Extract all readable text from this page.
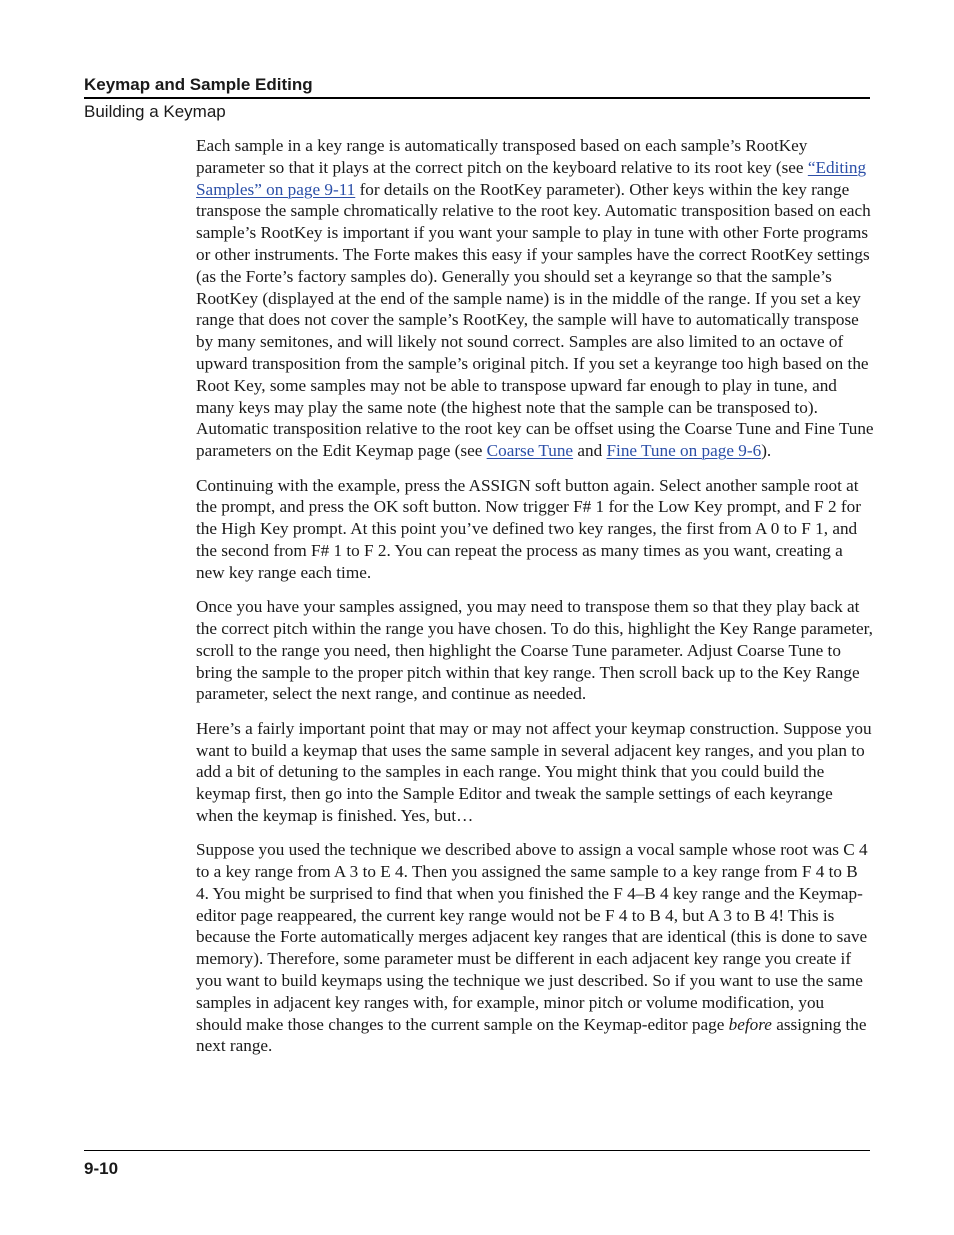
Keymap and Sample Editing
Building a Keymap

Each sample in a key range is automatically transposed based on each sample’s RootKey parameter so that it plays at the correct pitch on the keyboard relative to its root key (see “Editing Samples” on page 9-11 for details on the RootKey parameter). Other keys within the key range transpose the sample chromatically relative to the root key. Automatic transposition based on each sample’s RootKey is important if you want your sample to play in tune with other Forte programs or other instruments. The Forte makes this easy if your samples have the correct RootKey settings (as the Forte’s factory samples do). Generally you should set a keyrange so that the sample’s RootKey (displayed at the end of the sample name) is in the middle of the range. If you set a key range that does not cover the sample’s RootKey, the sample will have to automatically transpose by many semitones, and will likely not sound correct. Samples are also limited to an octave of upward transposition from the sample’s original pitch. If you set a keyrange too high based on the Root Key, some samples may not be able to transpose upward far enough to play in tune, and many keys may play the same note (the highest note that the sample can be transposed to). Automatic transposition relative to the root key can be offset using the Coarse Tune and Fine Tune parameters on the Edit Keymap page (see Coarse Tune and Fine Tune on page 9-6).

Continuing with the example, press the ASSIGN soft button again. Select another sample root at the prompt, and press the OK soft button. Now trigger F# 1 for the Low Key prompt, and F 2 for the High Key prompt. At this point you’ve defined two key ranges, the first from A 0 to F 1, and the second from F# 1 to F 2. You can repeat the process as many times as you want, creating a new key range each time.

Once you have your samples assigned, you may need to transpose them so that they play back at the correct pitch within the range you have chosen. To do this, highlight the Key Range parameter, scroll to the range you need, then highlight the Coarse Tune parameter. Adjust Coarse Tune to bring the sample to the proper pitch within that key range. Then scroll back up to the Key Range parameter, select the next range, and continue as needed.

Here’s a fairly important point that may or may not affect your keymap construction. Suppose you want to build a keymap that uses the same sample in several adjacent key ranges, and you plan to add a bit of detuning to the samples in each range. You might think that you could build the keymap first, then go into the Sample Editor and tweak the sample settings of each keyrange when the keymap is finished. Yes, but…

Suppose you used the technique we described above to assign a vocal sample whose root was C 4 to a key range from A 3 to E 4. Then you assigned the same sample to a key range from F 4 to B 4. You might be surprised to find that when you finished the F 4–B 4 key range and the Keymap-editor page reappeared, the current key range would not be F 4 to B 4, but A 3 to B 4! This is because the Forte automatically merges adjacent key ranges that are identical (this is done to save memory). Therefore, some parameter must be different in each adjacent key range you create if you want to build keymaps using the technique we just described. So if you want to use the same samples in adjacent key ranges with, for example, minor pitch or volume modification, you should make those changes to the current sample on the Keymap-editor page before assigning the next range.

9-10
